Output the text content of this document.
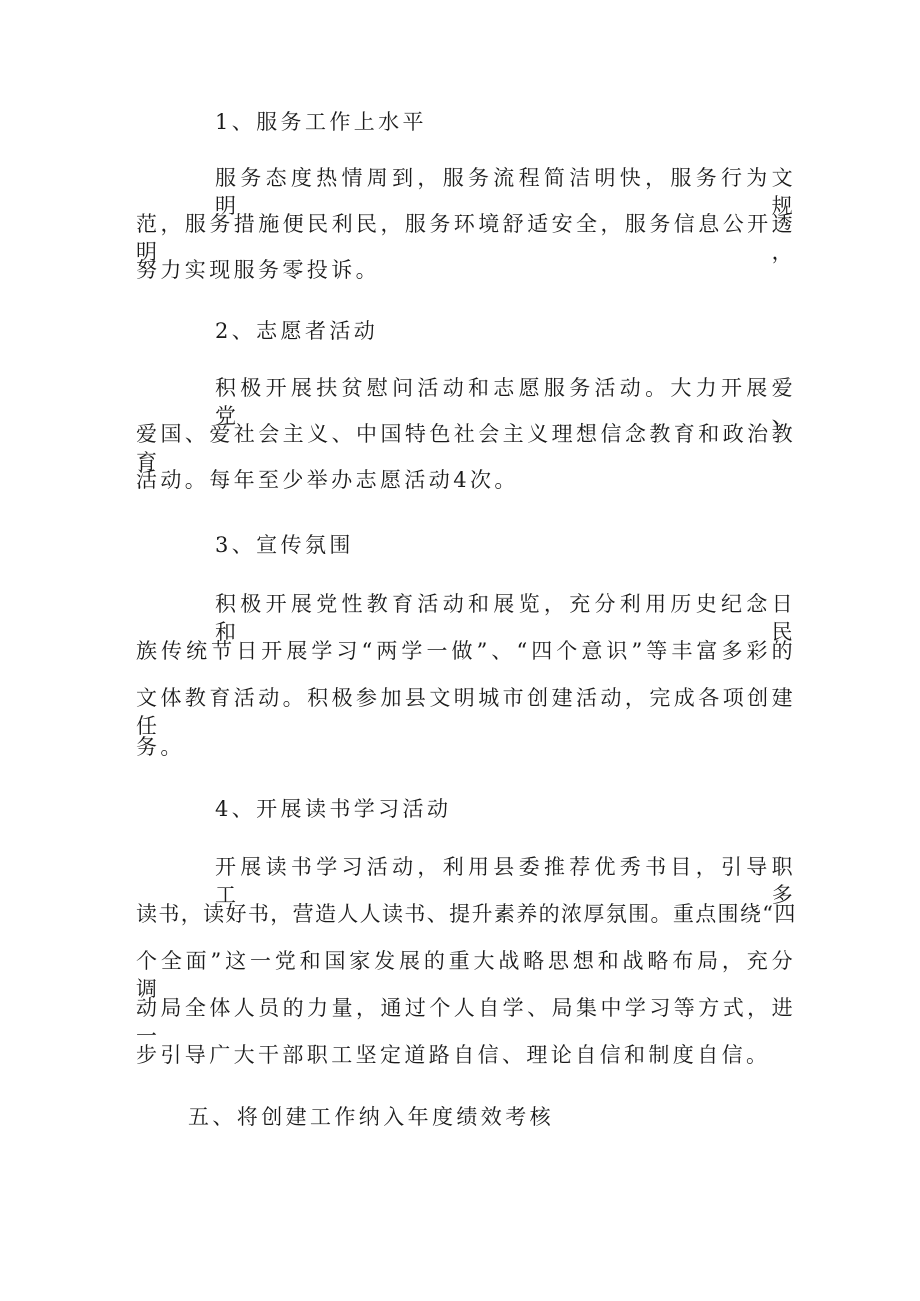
1、服务工作上水平
服务态度热情周到，服务流程简洁明快，服务行为文明规
范，服务措施便民利民，服务环境舒适安全，服务信息公开透明，
努力实现服务零投诉。
2、志愿者活动
积极开展扶贫慰问活动和志愿服务活动。大力开展爱党、
爱国、爱社会主义、中国特色社会主义理想信念教育和政治教育
活动。每年至少举办志愿活动4次。
3、宣传氛围
积极开展党性教育活动和展览，充分利用历史纪念日和民
族传统节日开展学习“两学一做”、“四个意识”等丰富多彩的
文体教育活动。积极参加县文明城市创建活动，完成各项创建任
务。
4、开展读书学习活动
开展读书学习活动，利用县委推荐优秀书目，引导职工多
读书，读好书，营造人人读书、提升素养的浓厚氛围。重点围绕“四
个全面”这一党和国家发展的重大战略思想和战略布局，充分调
动局全体人员的力量，通过个人自学、局集中学习等方式，进一
步引导广大干部职工坚定道路自信、理论自信和制度自信。
五、将创建工作纳入年度绩效考核
